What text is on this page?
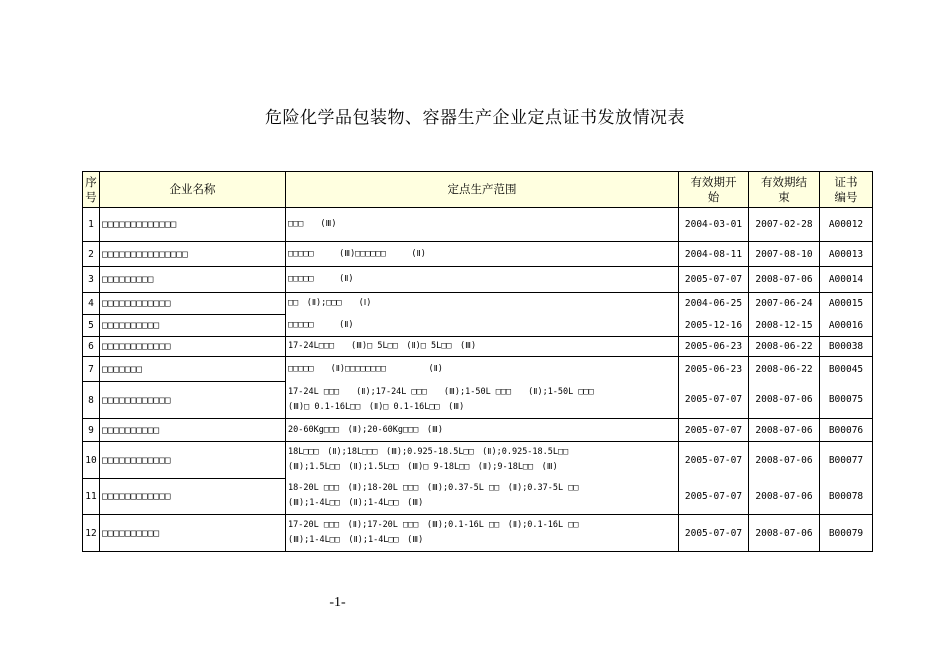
危险化学品包装物、容器生产企业定点证书发放情况表
序号	企业名称	定点生产范围	有效期开始	有效期结束	证书编号
1	□□□□□□□□□□□□□	□□□　　(Ⅲ)	2004-03-01	2007-02-28	A00012
2	□□□□□□□□□□□□□□□	□□□□□　　　(Ⅲ)□□□□□□　　　(Ⅱ)	2004-08-11	2007-08-10	A00013
3	□□□□□□□□□	□□□□□　　　(Ⅱ)	2005-07-07	2008-07-06	A00014
4	□□□□□□□□□□□□	□□　(Ⅱ);□□□　　(Ⅰ)	2004-06-25	2007-06-24	A00015
5	□□□□□□□□□□	□□□□□　　　(Ⅱ)	2005-12-16	2008-12-15	A00016
6	□□□□□□□□□□□□	17-24L□□□　　(Ⅲ)□ 5L□□　(Ⅱ)□ 5L□□　(Ⅲ)	2005-06-23	2008-06-22	B00038
7	□□□□□□□	□□□□□　　(Ⅱ)□□□□□□□□　　　　　(Ⅱ)	2005-06-23	2008-06-22	B00045
8	□□□□□□□□□□□□	17-24L □□□　　(Ⅱ);17-24L □□□　　(Ⅲ);1-50L □□□　　(Ⅱ);1-50L □□□
(Ⅲ)□ 0.1-16L□□　(Ⅱ)□ 0.1-16L□□　(Ⅲ)	2005-07-07	2008-07-06	B00075
9	□□□□□□□□□□	20-60Kg□□□　(Ⅱ);20-60Kg□□□　(Ⅲ)	2005-07-07	2008-07-06	B00076
10	□□□□□□□□□□□□	18L□□□　(Ⅱ);18L□□□　(Ⅲ);0.925-18.5L□□　(Ⅱ);0.925-18.5L□□
(Ⅲ);1.5L□□　(Ⅱ);1.5L□□　(Ⅲ)□ 9-18L□□　(Ⅱ);9-18L□□　(Ⅲ)	2005-07-07	2008-07-06	B00077
11	□□□□□□□□□□□□	18-20L □□□　(Ⅱ);18-20L □□□　(Ⅲ);0.37-5L □□　(Ⅱ);0.37-5L □□
(Ⅲ);1-4L□□　(Ⅱ);1-4L□□　(Ⅲ)	2005-07-07	2008-07-06	B00078
12	□□□□□□□□□□	17-20L □□□　(Ⅱ);17-20L □□□　(Ⅲ);0.1-16L □□　(Ⅱ);0.1-16L □□
(Ⅲ);1-4L□□　(Ⅱ);1-4L□□　(Ⅲ)	2005-07-07	2008-07-06	B00079
-1-
